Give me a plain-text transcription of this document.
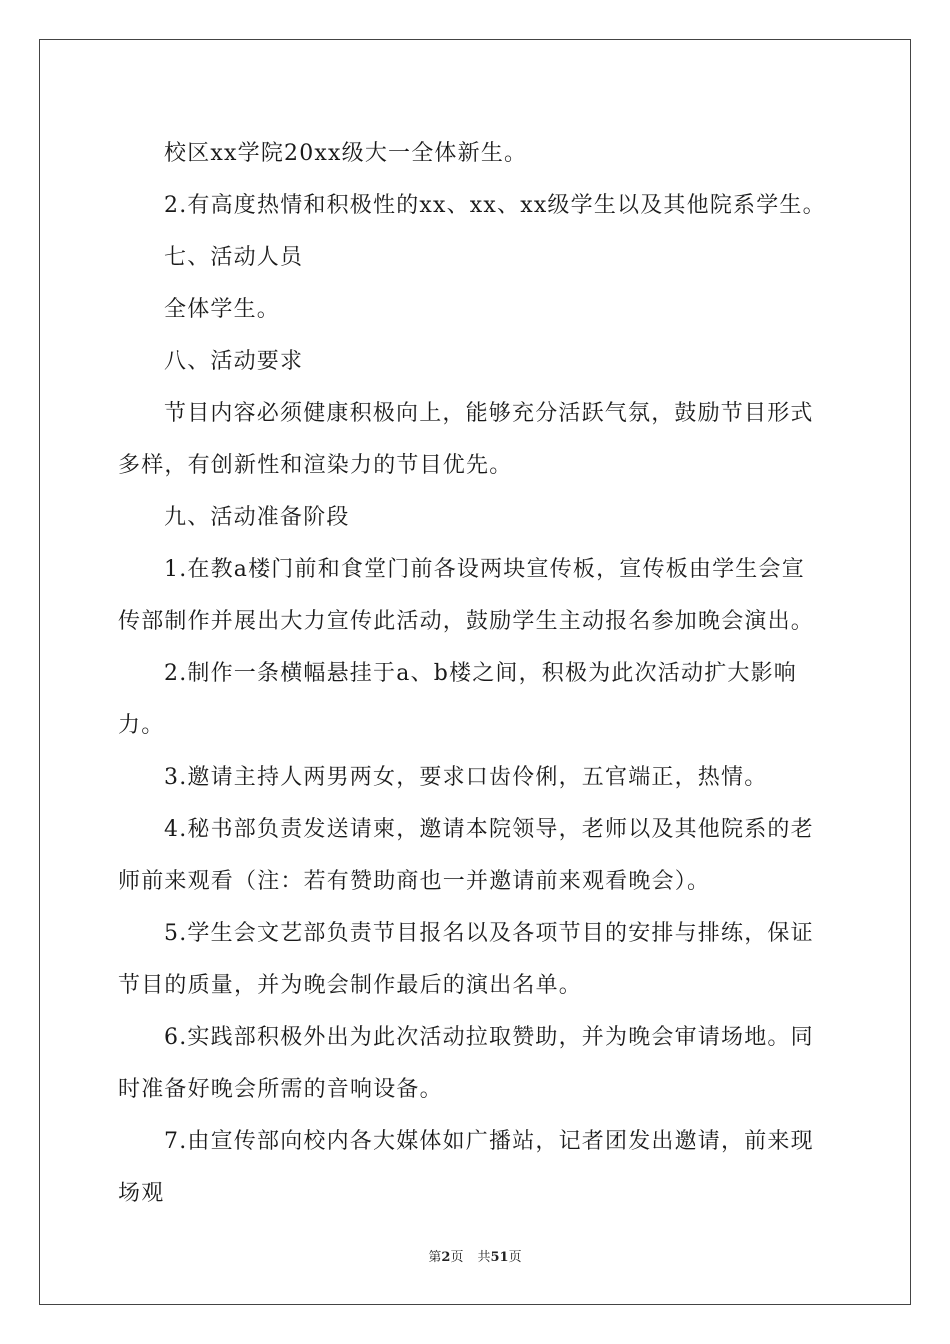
校区xx学院20xx级大一全体新生。
2.有高度热情和积极性的xx、xx、xx级学生以及其他院系学生。
七、活动人员
全体学生。
八、活动要求
节目内容必须健康积极向上，能够充分活跃气氛，鼓励节目形式
多样，有创新性和渲染力的节目优先。
九、活动准备阶段
1.在教a楼门前和食堂门前各设两块宣传板，宣传板由学生会宣
传部制作并展出大力宣传此活动，鼓励学生主动报名参加晚会演出。
2.制作一条横幅悬挂于a、b楼之间，积极为此次活动扩大影响
力。
3.邀请主持人两男两女，要求口齿伶俐，五官端正，热情。
4.秘书部负责发送请柬，邀请本院领导，老师以及其他院系的老
师前来观看（注：若有赞助商也一并邀请前来观看晚会）。
5.学生会文艺部负责节目报名以及各项节目的安排与排练，保证
节目的质量，并为晚会制作最后的演出名单。
6.实践部积极外出为此次活动拉取赞助，并为晚会审请场地。同
时准备好晚会所需的音响设备。
7.由宣传部向校内各大媒体如广播站，记者团发出邀请，前来现
场观
第2页 共51页
